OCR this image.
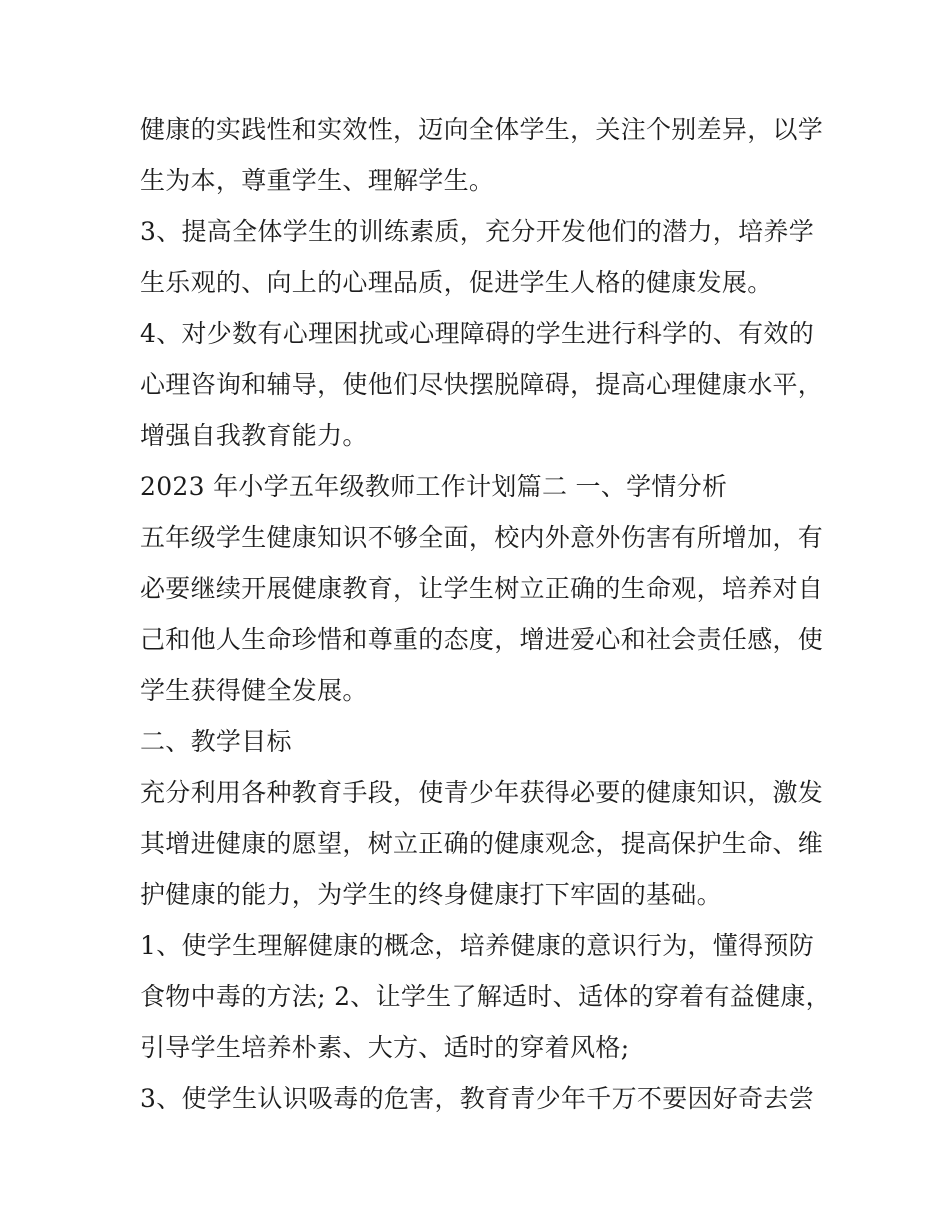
健康的实践性和实效性，迈向全体学生，关注个别差异，以学
生为本，尊重学生、理解学生。
3、提高全体学生的训练素质，充分开发他们的潜力，培养学
生乐观的、向上的心理品质，促进学生人格的健康发展。
4、对少数有心理困扰或心理障碍的学生进行科学的、有效的
心理咨询和辅导，使他们尽快摆脱障碍，提高心理健康水平，
增强自我教育能力。
2023 年小学五年级教师工作计划篇二 一、学情分析
五年级学生健康知识不够全面，校内外意外伤害有所增加，有
必要继续开展健康教育，让学生树立正确的生命观，培养对自
己和他人生命珍惜和尊重的态度，增进爱心和社会责任感，使
学生获得健全发展。
二、教学目标
充分利用各种教育手段，使青少年获得必要的健康知识，激发
其增进健康的愿望，树立正确的健康观念，提高保护生命、维
护健康的能力，为学生的终身健康打下牢固的基础。
1、使学生理解健康的概念，培养健康的意识行为，懂得预防
食物中毒的方法; 2、让学生了解适时、适体的穿着有益健康，
引导学生培养朴素、大方、适时的穿着风格;
3、使学生认识吸毒的危害，教育青少年千万不要因好奇去尝
